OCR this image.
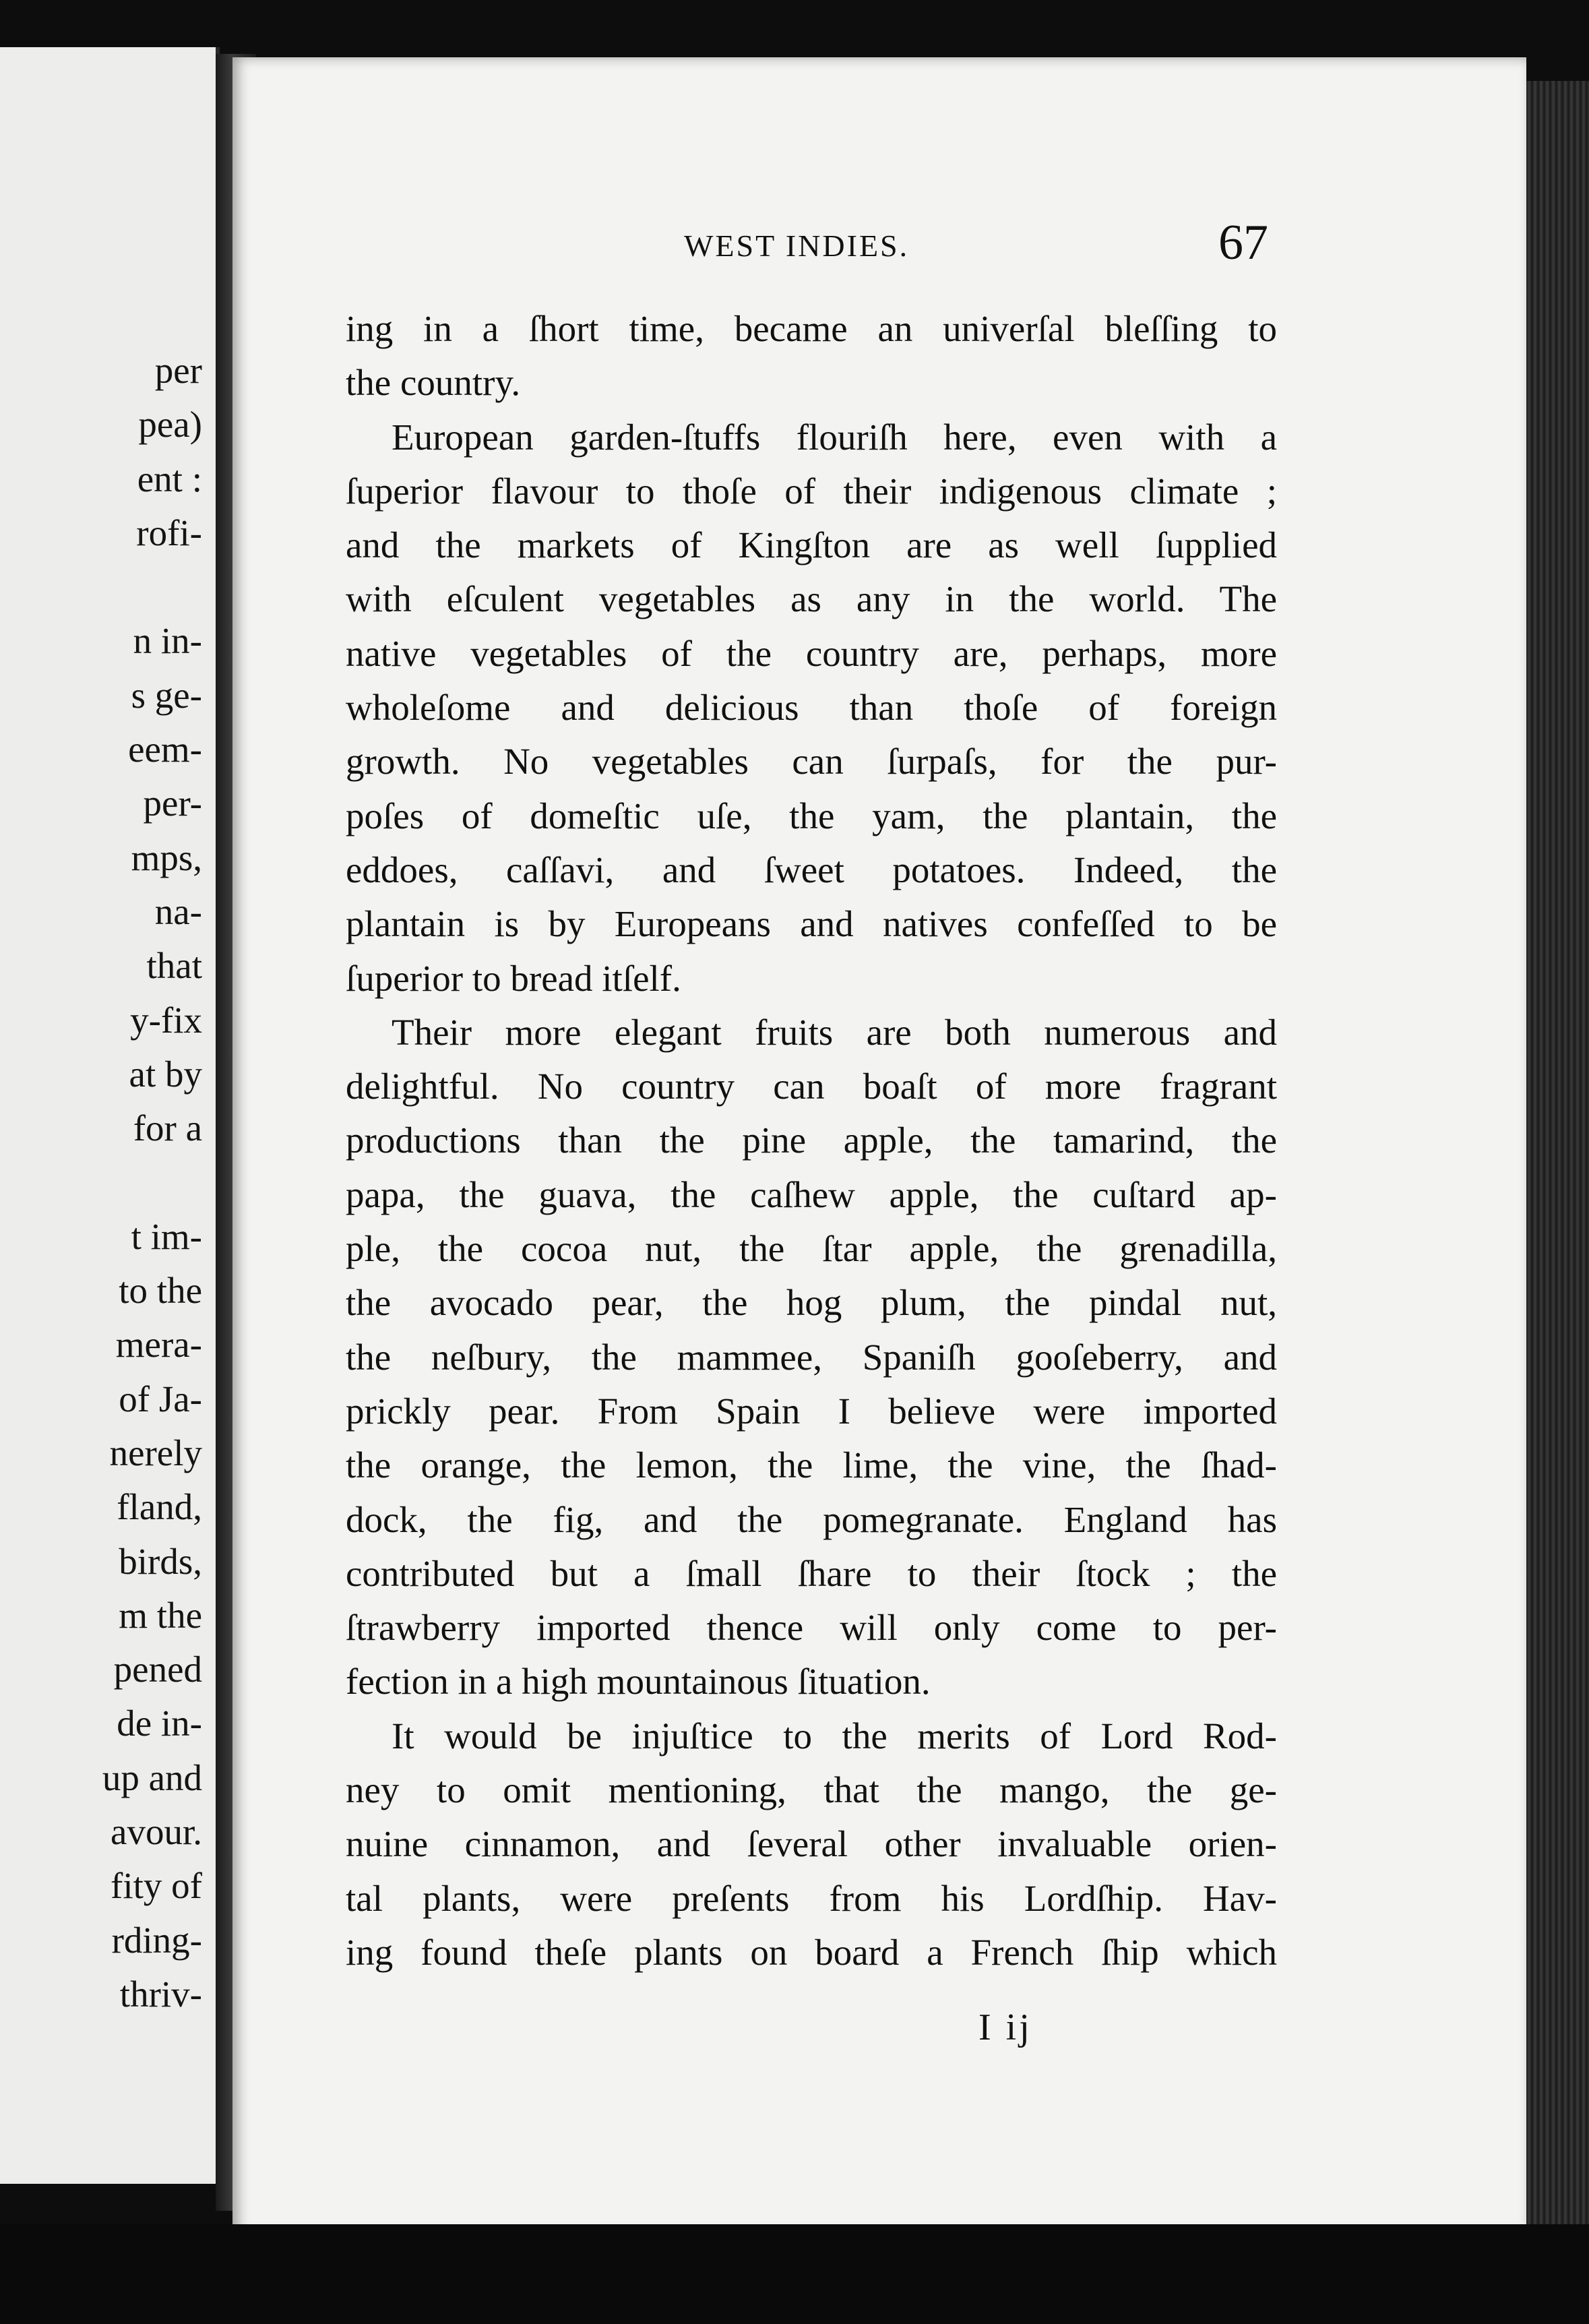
per
pea)
ent :
rofi-
n in-
s ge-
eem-
per-
mps,
na-
that
y-fix
at by
for a
t im-
to the
mera-
of Ja-
nerely
fland,
birds,
m the
pened
de in-
up and
avour.
fity of
rding-
thriv-
WEST INDIES.	67
ing in a ſhort time, became an univerſal bleſſing to
the country.
European garden-ſtuffs flouriſh here, even with a
ſuperior flavour to thoſe of their indigenous climate ;
and the markets of Kingſton are as well ſupplied
with eſculent vegetables as any in the world. The
native vegetables of the country are, perhaps, more
wholeſome and delicious than thoſe of foreign
growth. No vegetables can ſurpaſs, for the pur-
poſes of domeſtic uſe, the yam, the plantain, the
eddoes, caſſavi, and ſweet potatoes. Indeed, the
plantain is by Europeans and natives confeſſed to be
ſuperior to bread itſelf.
Their more elegant fruits are both numerous and
delightful. No country can boaſt of more fragrant
productions than the pine apple, the tamarind, the
papa, the guava, the caſhew apple, the cuſtard ap-
ple, the cocoa nut, the ſtar apple, the grenadilla,
the avocado pear, the hog plum, the pindal nut,
the neſbury, the mammee, Spaniſh gooſeberry, and
prickly pear. From Spain I believe were imported
the orange, the lemon, the lime, the vine, the ſhad-
dock, the fig, and the pomegranate. England has
contributed but a ſmall ſhare to their ſtock ; the
ſtrawberry imported thence will only come to per-
fection in a high mountainous ſituation.
It would be injuſtice to the merits of Lord Rod-
ney to omit mentioning, that the mango, the ge-
nuine cinnamon, and ſeveral other invaluable orien-
tal plants, were preſents from his Lordſhip. Hav-
ing found theſe plants on board a French ſhip which
I ij
